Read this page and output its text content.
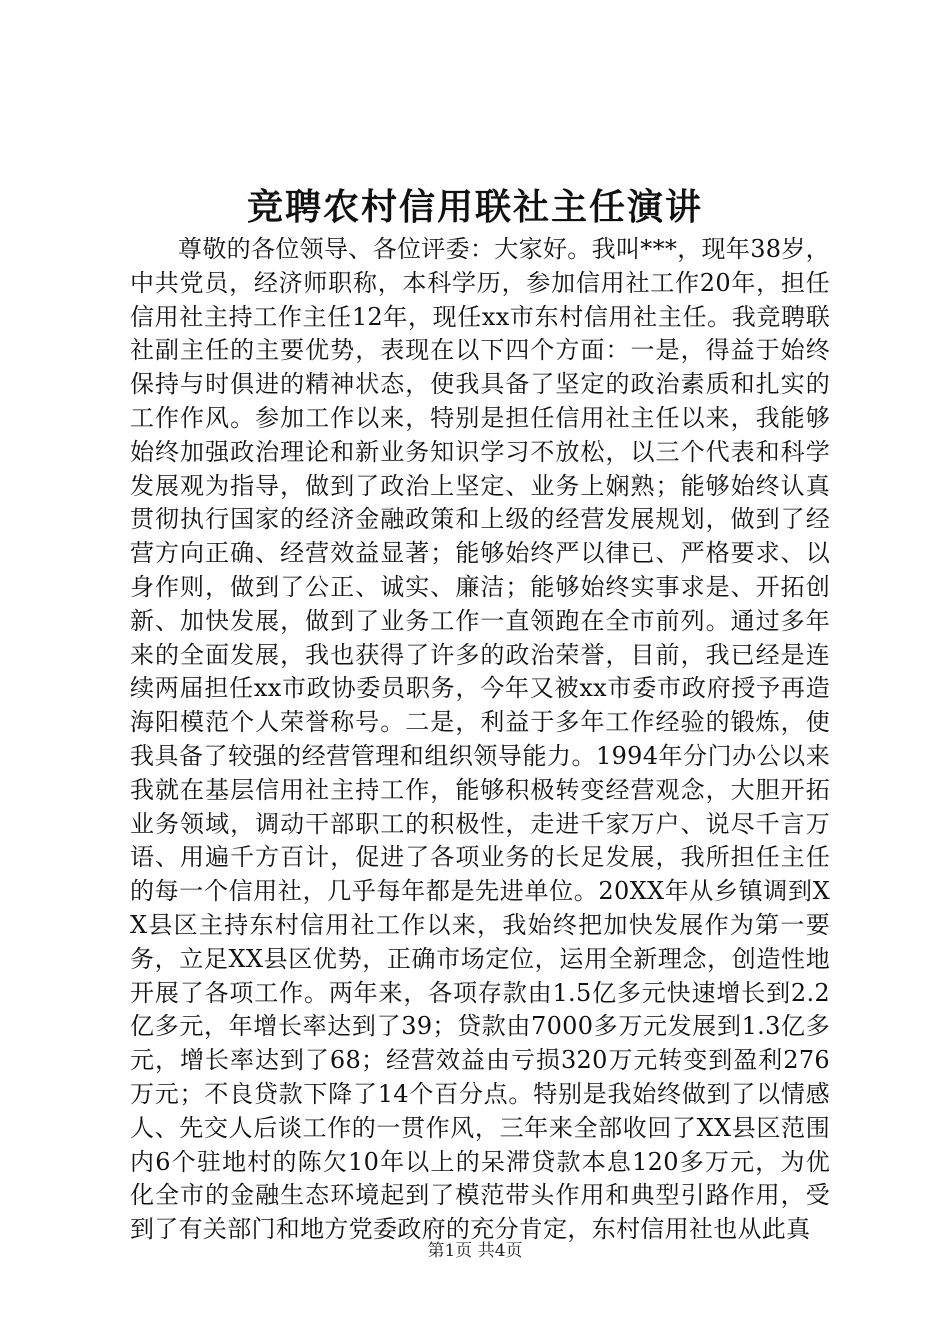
竞聘农村信用联社主任演讲

尊敬的各位领导、各位评委：大家好。我叫***，现年38岁，中共党员，经济师职称，本科学历，参加信用社工作20年，担任信用社主持工作主任12年，现任xx市东村信用社主任。我竞聘联社副主任的主要优势，表现在以下四个方面：一是，得益于始终保持与时俱进的精神状态，使我具备了坚定的政治素质和扎实的工作作风。参加工作以来，特别是担任信用社主任以来，我能够始终加强政治理论和新业务知识学习不放松，以三个代表和科学发展观为指导，做到了政治上坚定、业务上娴熟；能够始终认真贯彻执行国家的经济金融政策和上级的经营发展规划，做到了经营方向正确、经营效益显著；能够始终严以律已、严格要求、以身作则，做到了公正、诚实、廉洁；能够始终实事求是、开拓创新、加快发展，做到了业务工作一直领跑在全市前列。通过多年来的全面发展，我也获得了许多的政治荣誉，目前，我已经是连续两届担任xx市政协委员职务，今年又被xx市委市政府授予再造海阳模范个人荣誉称号。二是，利益于多年工作经验的锻炼，使我具备了较强的经营管理和组织领导能力。1994年分门办公以来我就在基层信用社主持工作，能够积极转变经营观念，大胆开拓业务领域，调动干部职工的积极性，走进千家万户、说尽千言万语、用遍千方百计，促进了各项业务的长足发展，我所担任主任的每一个信用社，几乎每年都是先进单位。20XX年从乡镇调到XX县区主持东村信用社工作以来，我始终把加快发展作为第一要务，立足XX县区优势，正确市场定位，运用全新理念，创造性地开展了各项工作。两年来，各项存款由1.5亿多元快速增长到2.2亿多元，年增长率达到了39；贷款由7000多万元发展到1.3亿多元，增长率达到了68；经营效益由亏损320万元转变到盈利276万元；不良贷款下降了14个百分点。特别是我始终做到了以情感人、先交人后谈工作的一贯作风，三年来全部收回了XX县区范围内6个驻地村的陈欠10年以上的呆滞贷款本息120多万元，为优化全市的金融生态环境起到了模范带头作用和典型引路作用，受到了有关部门和地方党委政府的充分肯定，东村信用社也从此真

第1页 共4页
